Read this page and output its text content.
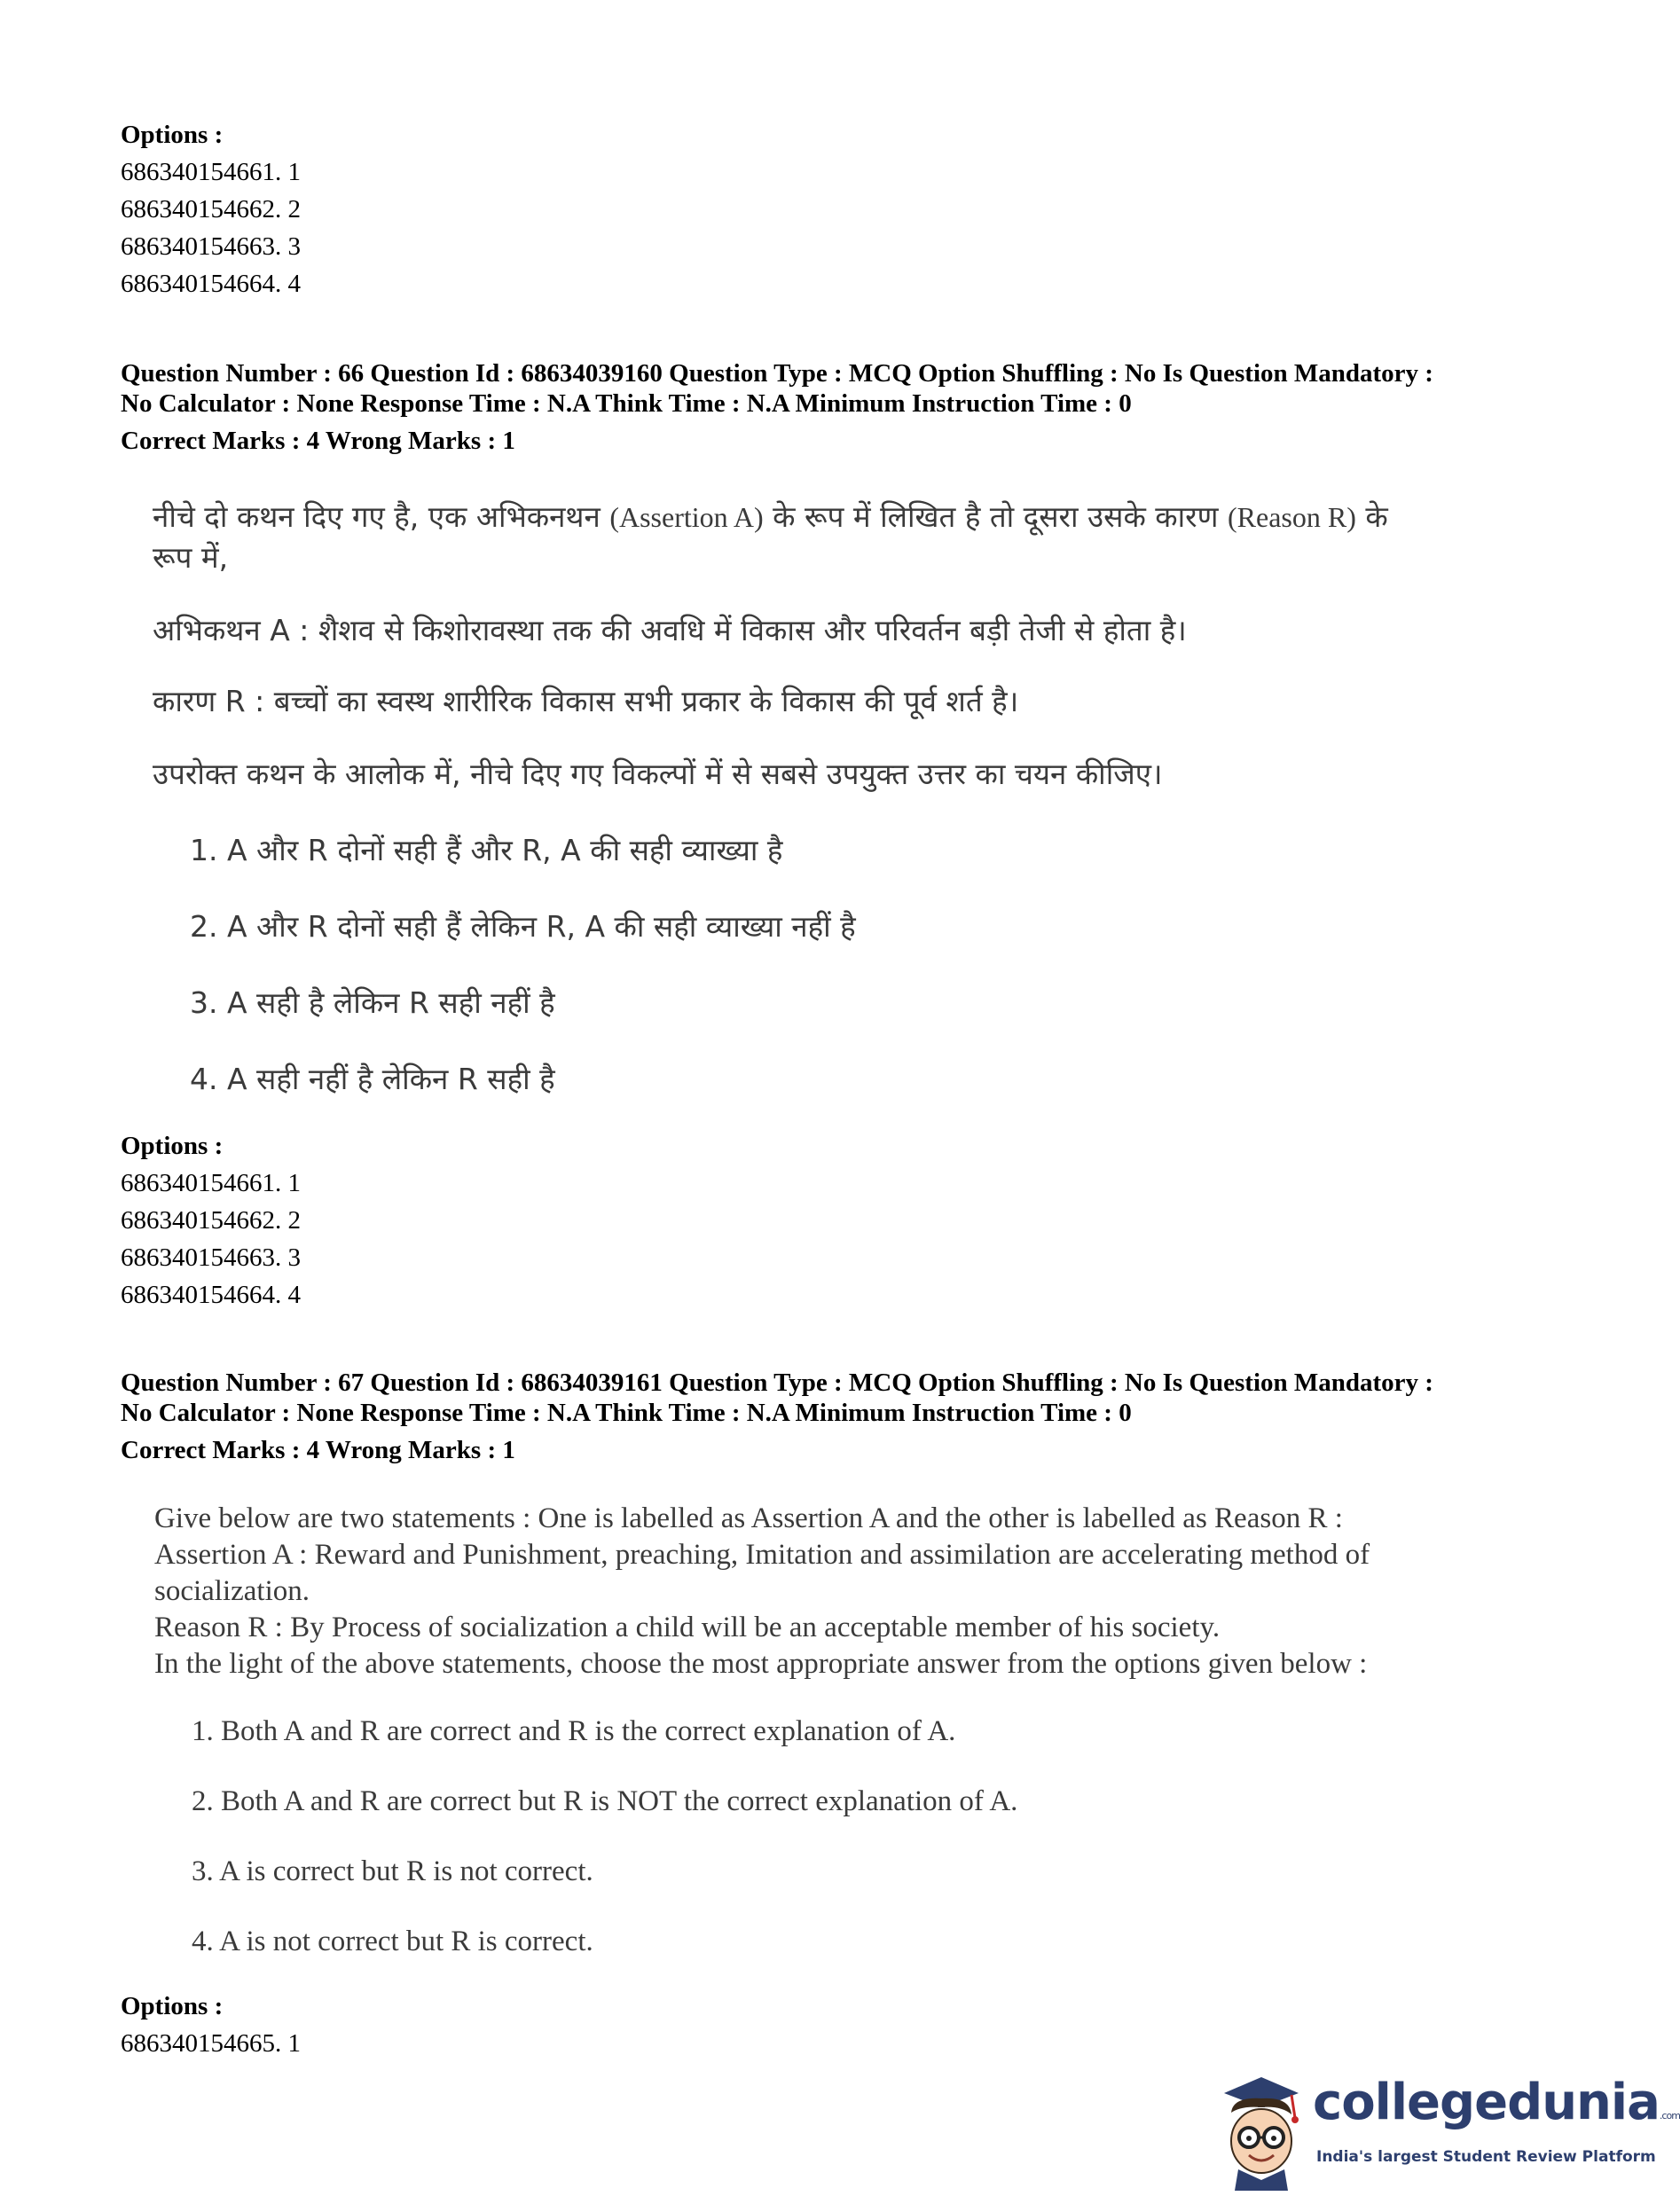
Options :
686340154661. 1
686340154662. 2
686340154663. 3
686340154664. 4
Question Number : 66 Question Id : 68634039160 Question Type : MCQ Option Shuffling : No Is Question Mandatory :
No Calculator : None Response Time : N.A Think Time : N.A Minimum Instruction Time : 0
Correct Marks : 4 Wrong Marks : 1
नीचे दो कथन दिए गए है, एक अभिकनथन (Assertion A) के रूप में लिखित है तो दूसरा उसके कारण (Reason R) के
रूप में,
अभिकथन A : शैशव से किशोरावस्था तक की अवधि में विकास और परिवर्तन बड़ी तेजी से होता है।
कारण R : बच्चों का स्वस्थ शारीरिक विकास सभी प्रकार के विकास की पूर्व शर्त है।
उपरोक्त कथन के आलोक में, नीचे दिए गए विकल्पों में से सबसे उपयुक्त उत्तर का चयन कीजिए।
1. A और R दोनों सही हैं और R, A की सही व्याख्या है
2. A और R दोनों सही हैं लेकिन R, A की सही व्याख्या नहीं है
3. A सही है लेकिन R सही नहीं है
4. A सही नहीं है लेकिन R सही है
Options :
686340154661. 1
686340154662. 2
686340154663. 3
686340154664. 4
Question Number : 67 Question Id : 68634039161 Question Type : MCQ Option Shuffling : No Is Question Mandatory :
No Calculator : None Response Time : N.A Think Time : N.A Minimum Instruction Time : 0
Correct Marks : 4 Wrong Marks : 1
Give below are two statements : One is labelled as Assertion A and the other is labelled as Reason R :
Assertion A : Reward and Punishment, preaching, Imitation and assimilation are accelerating method of
socialization.
Reason R : By Process of socialization a child will be an acceptable member of his society.
In the light of the above statements, choose the most appropriate answer from the options given below :
1. Both A and R are correct and R is the correct explanation of A.
2. Both A and R are correct but R is NOT the correct explanation of A.
3. A is correct but R is not correct.
4. A is not correct but R is correct.
Options :
686340154665. 1
collegedunia.com
India's largest Student Review Platform
